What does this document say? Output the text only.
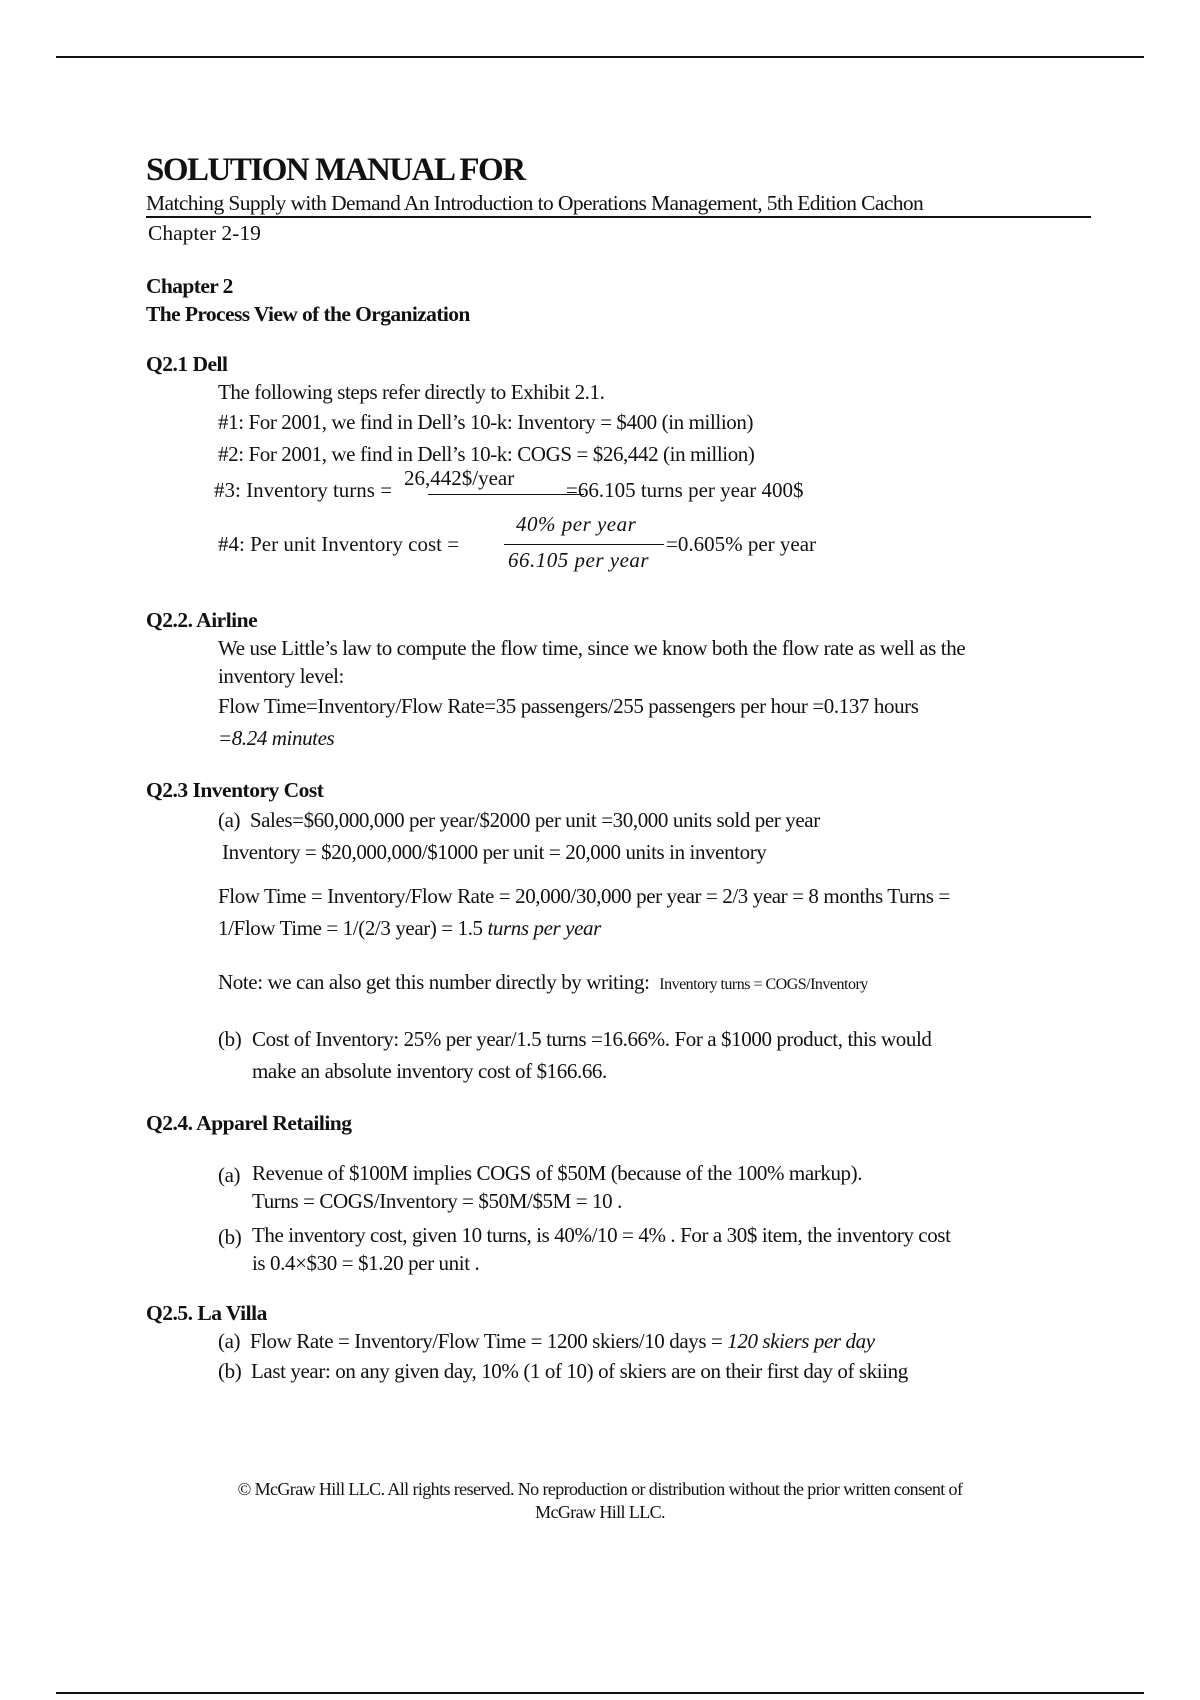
SOLUTION MANUAL FOR
Matching Supply with Demand An Introduction to Operations Management, 5th Edition Cachon
Chapter 2-19
Chapter 2
The Process View of the Organization
Q2.1 Dell
The following steps refer directly to Exhibit 2.1.
#1: For 2001, we find in Dell’s 10-k: Inventory = $400 (in million)
#2: For 2001, we find in Dell’s 10-k: COGS = $26,442 (in million)
#3: Inventory turns = 26,442$/year =66.105 turns per year 400$
#4: Per unit Inventory cost =
40% per year
66.105 per year
=0.605% per year
Q2.2. Airline
We use Little’s law to compute the flow time, since we know both the flow rate as well as the
inventory level:
Flow Time=Inventory/Flow Rate=35 passengers/255 passengers per hour =0.137 hours
=8.24 minutes
Q2.3 Inventory Cost
(a) Sales=$60,000,000 per year/$2000 per unit =30,000 units sold per year
Inventory = $20,000,000/$1000 per unit = 20,000 units in inventory
Flow Time = Inventory/Flow Rate = 20,000/30,000 per year = 2/3 year = 8 months Turns =
1/Flow Time = 1/(2/3 year) = 1.5 turns per year
Note: we can also get this number directly by writing: Inventory turns = COGS/Inventory
(b) Cost of Inventory: 25% per year/1.5 turns =16.66%. For a $1000 product, this would
make an absolute inventory cost of $166.66.
Q2.4. Apparel Retailing
(a) Revenue of $100M implies COGS of $50M (because of the 100% markup).
Turns = COGS/Inventory = $50M/$5M = 10 .
(b) The inventory cost, given 10 turns, is 40%/10 = 4% . For a 30$ item, the inventory cost
is 0.4×$30 = $1.20 per unit .
Q2.5. La Villa
(a) Flow Rate = Inventory/Flow Time = 1200 skiers/10 days = 120 skiers per day
(b) Last year: on any given day, 10% (1 of 10) of skiers are on their first day of skiing
© McGraw Hill LLC. All rights reserved. No reproduction or distribution without the prior written consent of
McGraw Hill LLC.
